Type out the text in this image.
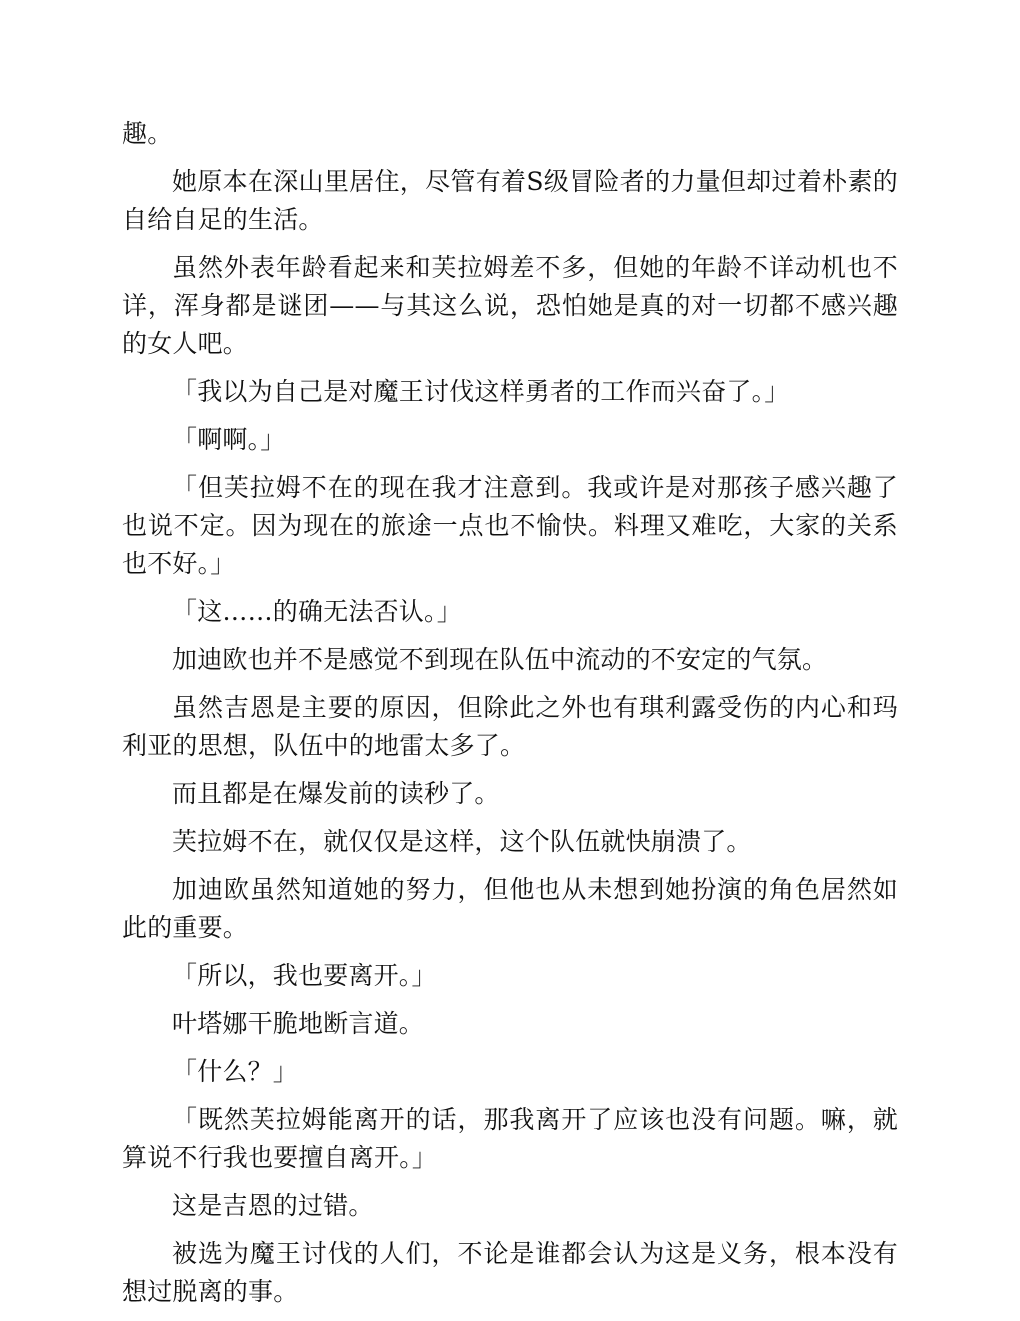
趣。

她原本在深山里居住，尽管有着S级冒险者的力量但却过着朴素的自给自足的生活。

虽然外表年龄看起来和芙拉姆差不多，但她的年龄不详动机也不详，浑身都是谜团——与其这么说，恐怕她是真的对一切都不感兴趣的女人吧。

「我以为自己是对魔王讨伐这样勇者的工作而兴奋了。」

「啊啊。」

「但芙拉姆不在的现在我才注意到。我或许是对那孩子感兴趣了也说不定。因为现在的旅途一点也不愉快。料理又难吃，大家的关系也不好。」

「这……的确无法否认。」

加迪欧也并不是感觉不到现在队伍中流动的不安定的气氛。

虽然吉恩是主要的原因，但除此之外也有琪利露受伤的内心和玛利亚的思想，队伍中的地雷太多了。

而且都是在爆发前的读秒了。

芙拉姆不在，就仅仅是这样，这个队伍就快崩溃了。

加迪欧虽然知道她的努力，但他也从未想到她扮演的角色居然如此的重要。

「所以，我也要离开。」

叶塔娜干脆地断言道。

「什么？」

「既然芙拉姆能离开的话，那我离开了应该也没有问题。嘛，就算说不行我也要擅自离开。」

这是吉恩的过错。

被选为魔王讨伐的人们，不论是谁都会认为这是义务，根本没有想过脱离的事。
